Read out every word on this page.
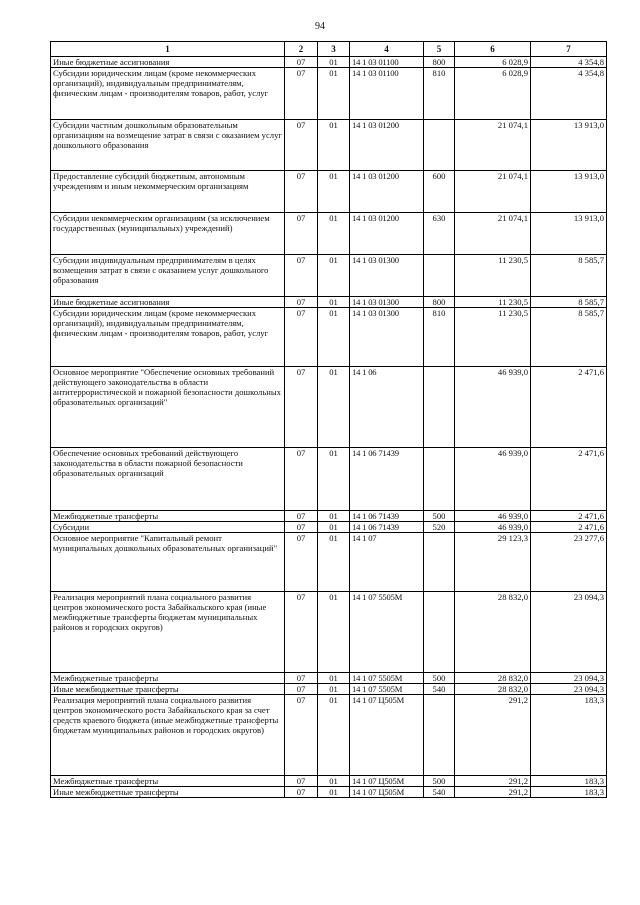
94
1	2	3	4	5	6	7
Иные бюджетные ассигнования	07	01	14 1 03 01100	800	6 028,9	4 354,8
Субсидии юридическим лицам (кроме некоммерческих организаций), индивидуальным предпринимателям, физическим лицам - производителям товаров, работ, услуг	07	01	14 1 03 01100	810	6 028,9	4 354,8
Субсидии частным дошкольным образовательным организациям на возмещение затрат в связи с оказанием услуг дошкольного образования	07	01	14 1 03 01200		21 074,1	13 913,0
Предоставление субсидий бюджетным, автономным учреждениям и иным некоммерческим организациям	07	01	14 1 03 01200	600	21 074,1	13 913,0
Субсидии некоммерческим организациям (за исключением государственных (муниципальных) учреждений)	07	01	14 1 03 01200	630	21 074,1	13 913,0
Субсидии индивидуальным предпринимателям в целях возмещения затрат в связи с оказанием услуг дошкольного образования	07	01	14 1 03 01300		11 230,5	8 585,7
Иные бюджетные ассигнования	07	01	14 1 03 01300	800	11 230,5	8 585,7
Субсидии юридическим лицам (кроме некоммерческих организаций), индивидуальным предпринимателям, физическим лицам - производителям товаров, работ, услуг	07	01	14 1 03 01300	810	11 230,5	8 585,7
Основное мероприятие "Обеспечение основных требований действующего законодательства в области антитеррористической и пожарной безопасности дошкольных образовательных организаций"	07	01	14 1 06		46 939,0	2 471,6
Обеспечение основных требований действующего законодательства в области пожарной безопасности образовательных организаций	07	01	14 1 06 71439		46 939,0	2 471,6
Межбюджетные трансферты	07	01	14 1 06 71439	500	46 939,0	2 471,6
Субсидии	07	01	14 1 06 71439	520	46 939,0	2 471,6
Основное мероприятие "Капитальный ремонт муниципальных дошкольных образовательных организаций"	07	01	14 1 07		29 123,3	23 277,6
Реализация мероприятий плана социального развития центров экономического роста Забайкальского края (иные межбюджетные трансферты бюджетам муниципальных районов и городских округов)	07	01	14 1 07 5505М		28 832,0	23 094,3
Межбюджетные трансферты	07	01	14 1 07 5505М	500	28 832,0	23 094,3
Иные межбюджетные трансферты	07	01	14 1 07 5505М	540	28 832,0	23 094,3
Реализация мероприятий плана социального развития центров экономического роста Забайкальского края за счет средств краевого бюджета (иные межбюджетные трансферты бюджетам муниципальных районов и городских округов)	07	01	14 1 07 Ц505М		291,2	183,3
Межбюджетные трансферты	07	01	14 1 07 Ц505М	500	291,2	183,3
Иные межбюджетные трансферты	07	01	14 1 07 Ц505М	540	291,2	183,3
